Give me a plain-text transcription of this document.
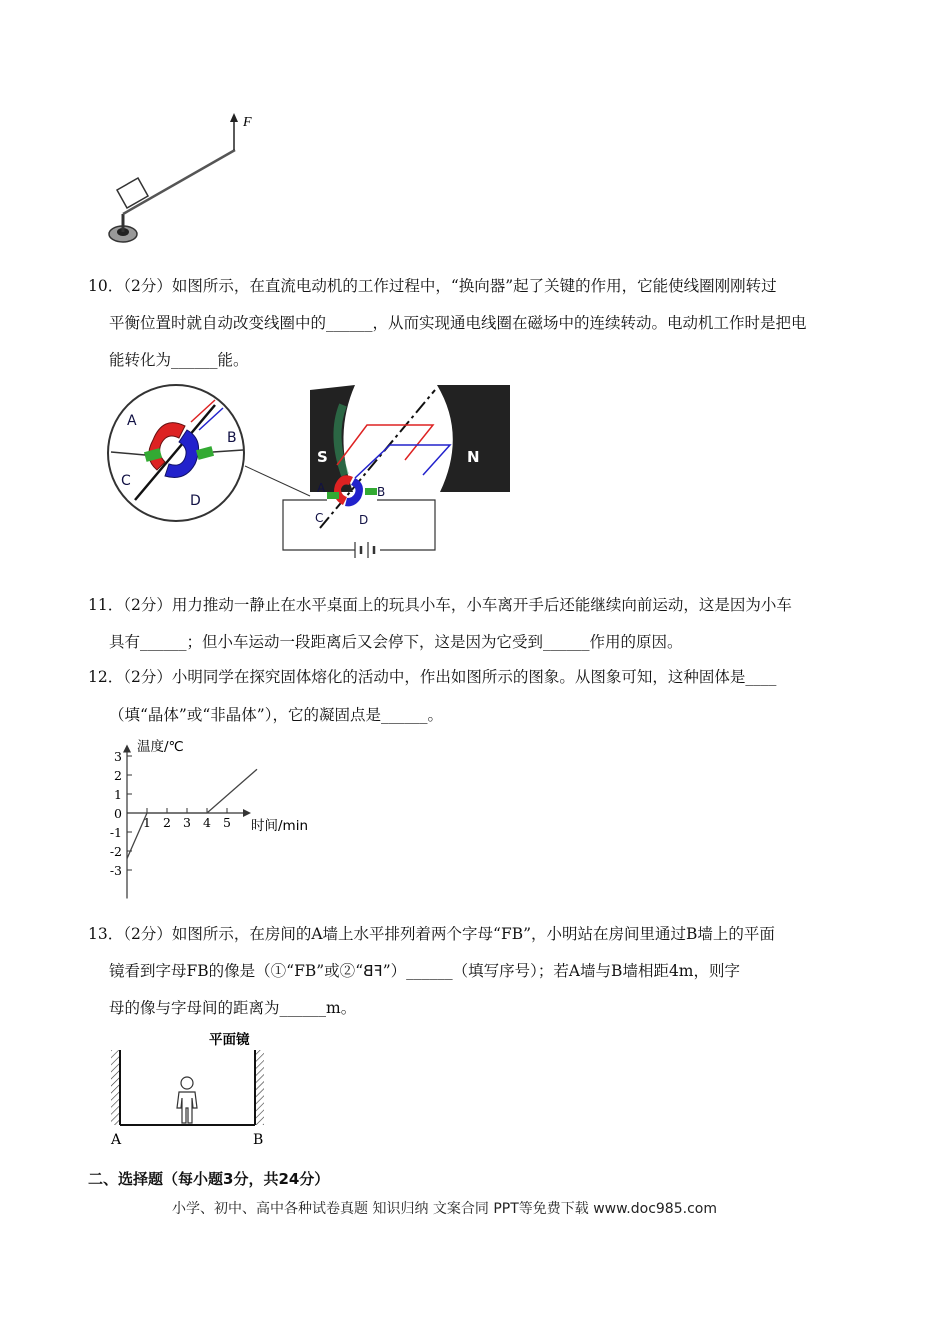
F
10．（2分）如图所示，在直流电动机的工作过程中，“换向器”起了关键的作用，它能使线圈刚刚转过
平衡位置时就自动改变线圈中的______，从而实现通电线圈在磁场中的连续转动。电动机工作时是把电
能转化为______能。
A
B
C
D
S	N
A	B
C	D
11．（2分）用力推动一静止在水平桌面上的玩具小车，小车离开手后还能继续向前运动，这是因为小车
具有______；但小车运动一段距离后又会停下，这是因为它受到______作用的原因。
12．（2分）小明同学在探究固体熔化的活动中，作出如图所示的图象。从图象可知，这种固体是____
（填“晶体”或“非晶体”），它的凝固点是______。
3
2
1
0
-1
-2
-3
1 2 3 4 5
温度/℃
时间/min
13．（2分）如图所示，在房间的A墙上水平排列着两个字母“FB”，小明站在房间里通过B墙上的平面
镜看到字母FB的像是（①“FB”或②“FB”）______（填写序号）；若A墙与B墙相距4m，则字
母的像与字母间的距离为______m。
平面镜
A	B
二、选择题（每小题3分，共24分）
小学、初中、高中各种试卷真题 知识归纳 文案合同 PPT等免费下载 www.doc985.com
